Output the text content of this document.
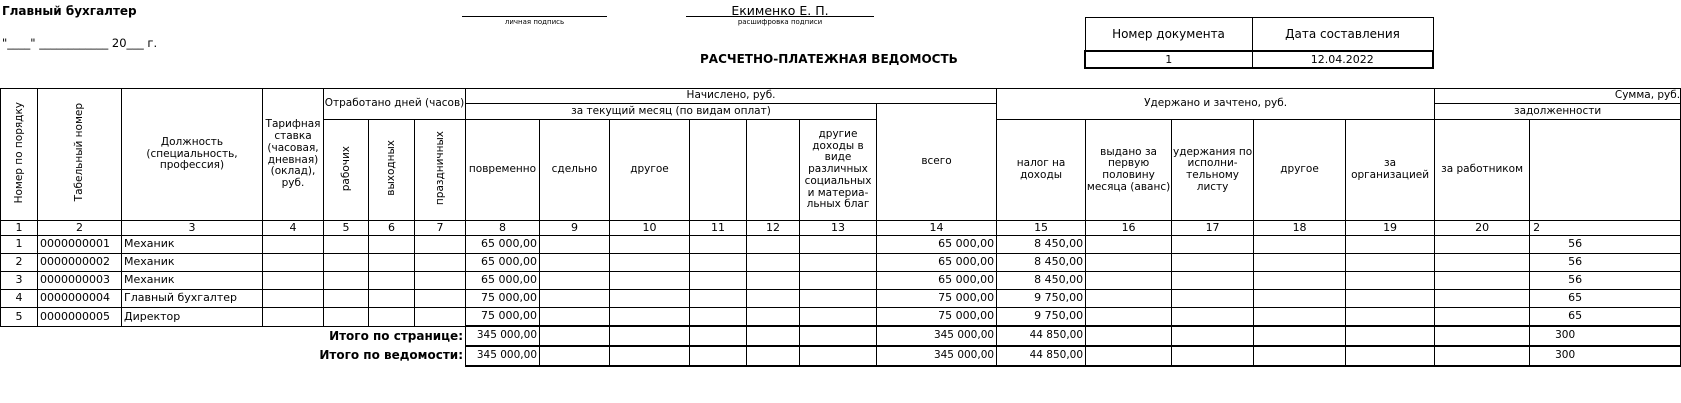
Главный бухгалтер
"____" ____________ 20___ г.
личная подпись
Екименко Е. П.
расшифровка подписи
РАСЧЕТНО-ПЛАТЕЖНАЯ ВЕДОМОСТЬ
Номер документа	Дата составления
1	12.04.2022
Номер по порядку	Табельный номер	Должность (специальность, профессия)	Тарифная ставка (часовая, дневная) (оклад), руб.	Отработано дней (часов)			Начислено, руб.							Удержано и зачтено, руб.					Сумма, руб.		
							за текущий месяц (по видам оплат)						всего						задолженности	
				рабочих	выходных	праздничных	повременно	сдельно	другое			другие доходы в виде различных социальных и материа-льных благ		налог на доходы	выдано за первую половину месяца (аванс)	удержания по исполни-тельному листу	другое	за организацией	за работником		
1	2	3	4	5	6	7	8	9	10	11	12	13	14	15	16	17	18	19	20	2	
1	0000000001	Механик					65 000,00						65 000,00	8 450,00						56	
2	0000000002	Механик					65 000,00						65 000,00	8 450,00						56	
3	0000000003	Механик					65 000,00						65 000,00	8 450,00						56	
4	0000000004	Главный бухгалтер					75 000,00						75 000,00	9 750,00						65	
5	0000000005	Директор					75 000,00						75 000,00	9 750,00						65	
Итого по странице:							345 000,00						345 000,00	44 850,00						300	
Итого по ведомости:							345 000,00						345 000,00	44 850,00						300	
